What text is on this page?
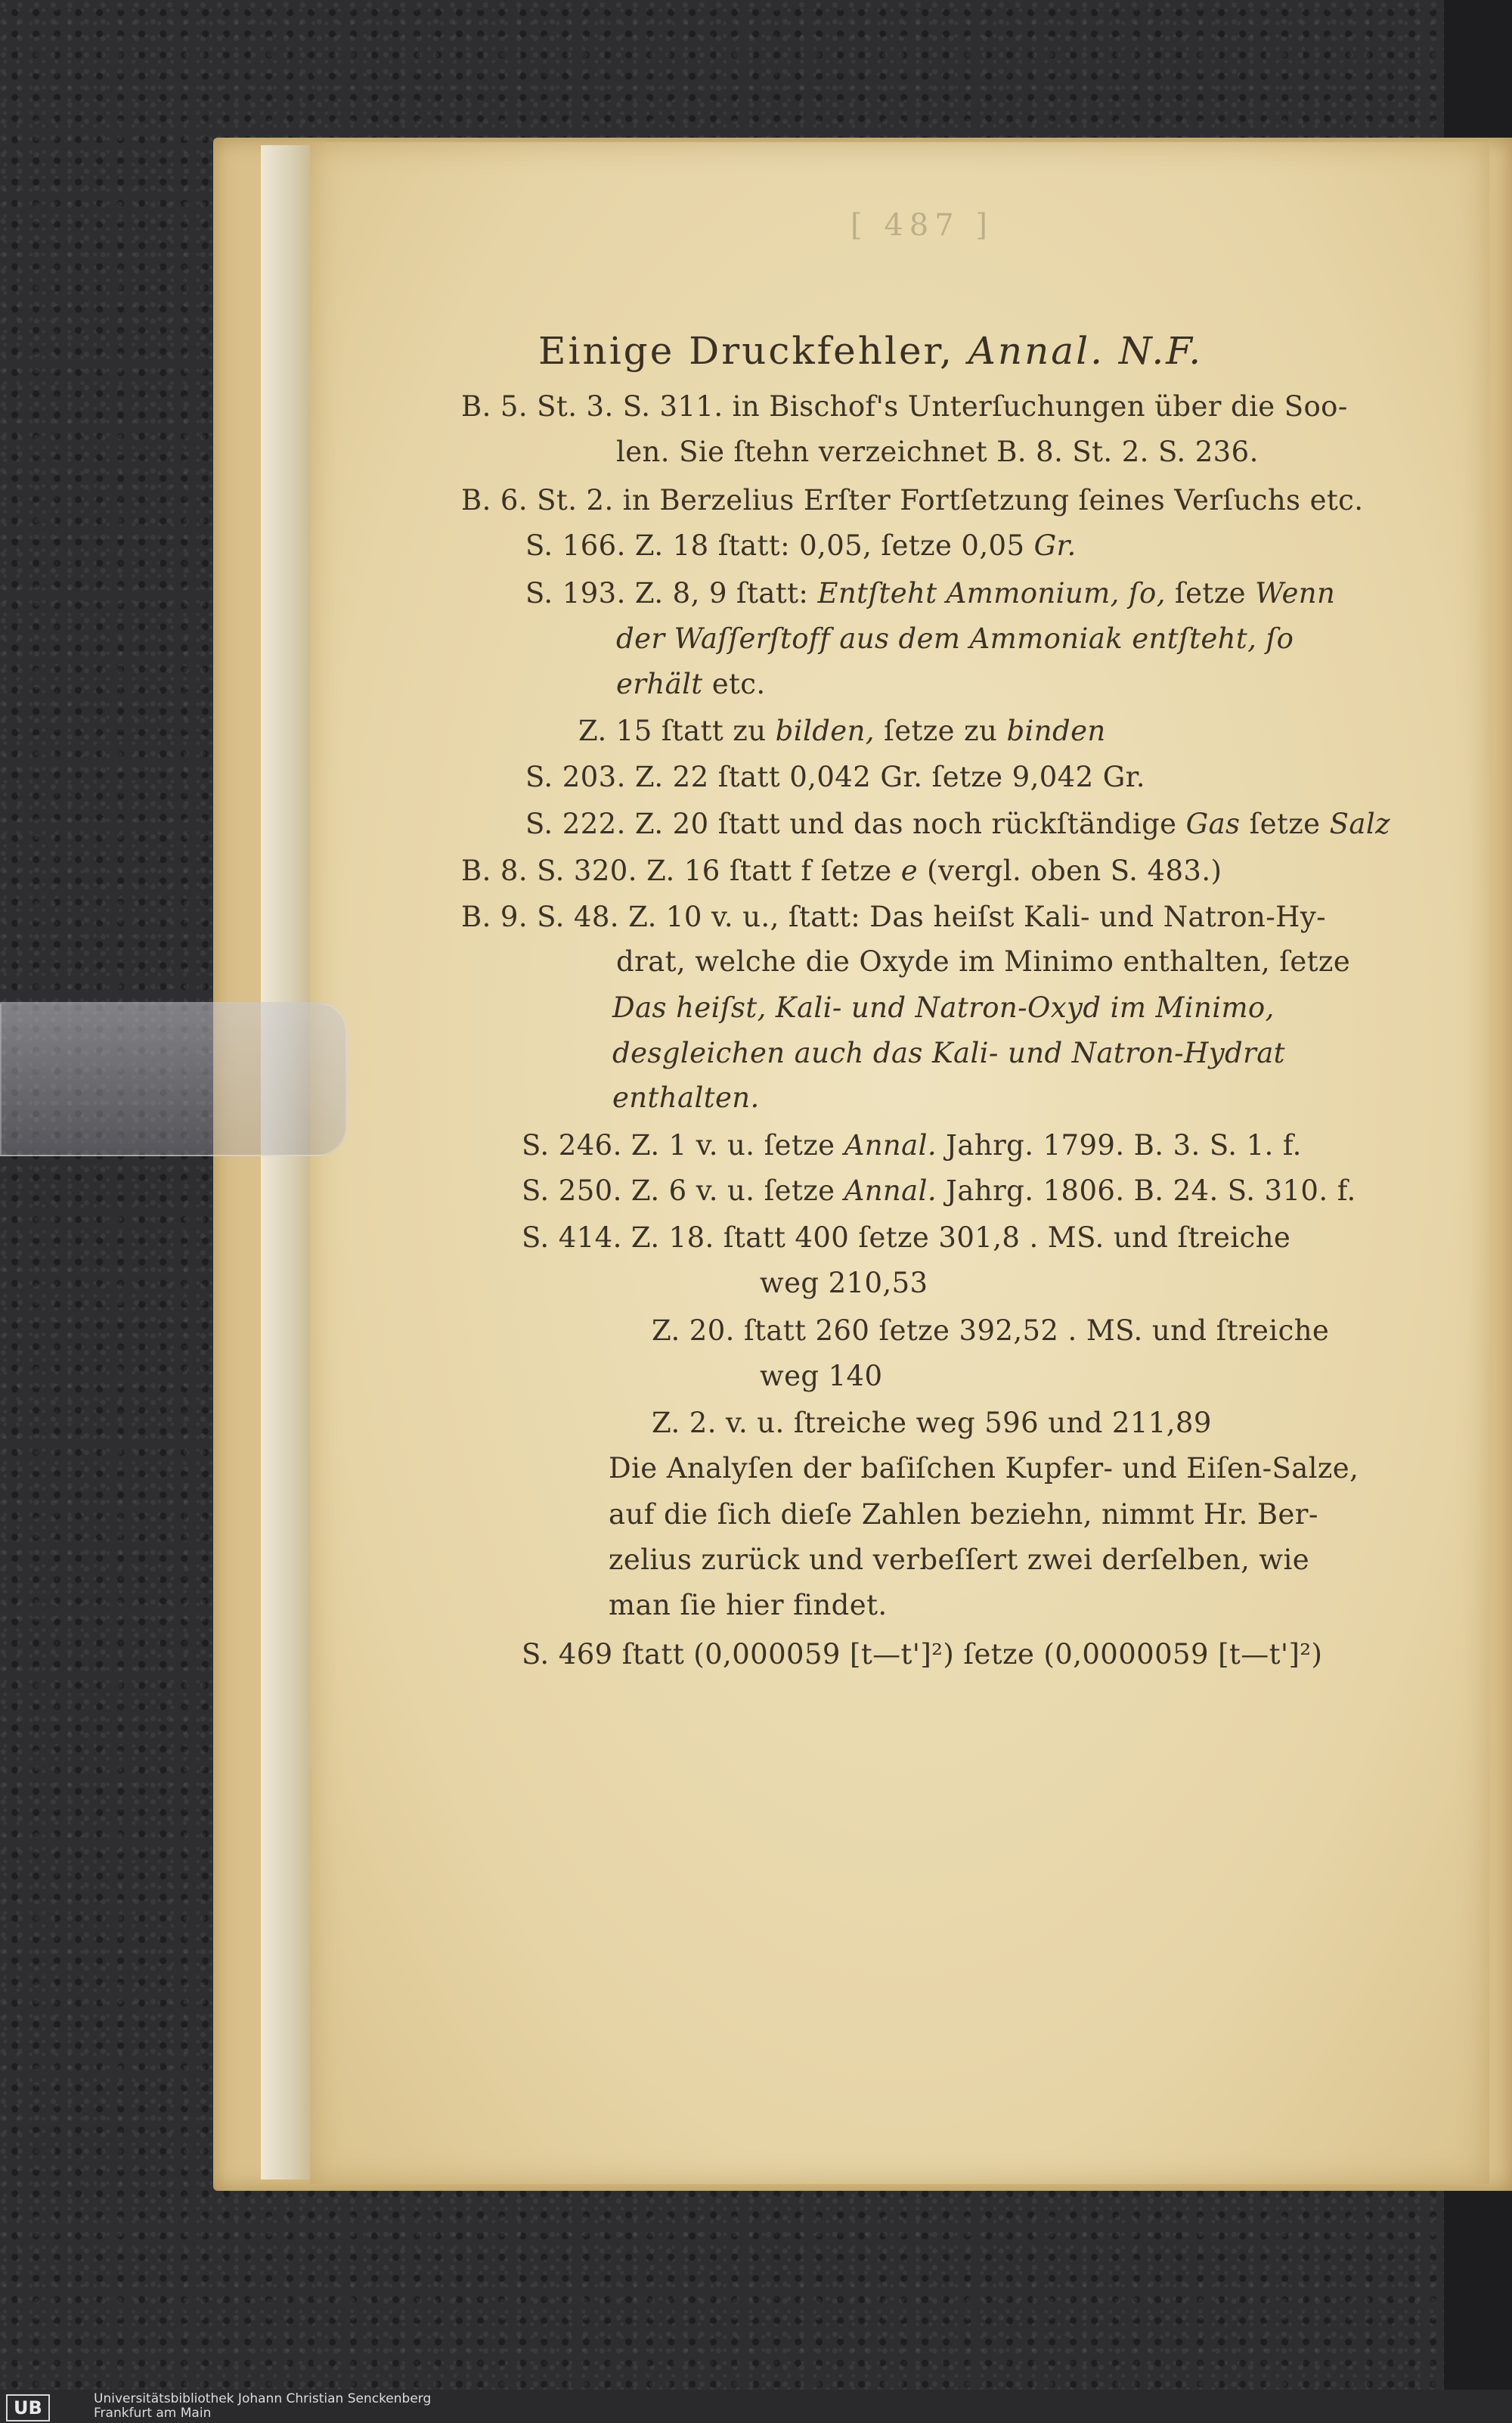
[ 487 ]
Einige Druckfehler, Annal. N.F.
B. 5. St. 3. S. 311. in Bischof's Unterſuchungen über die Soo-
len. Sie ſtehn verzeichnet B. 8. St. 2. S. 236.
B. 6. St. 2. in Berzelius Erſter Fortſetzung ſeines Verſuchs etc.
S. 166. Z. 18 ſtatt: 0,05, ſetze 0,05 Gr.
S. 193. Z. 8, 9 ſtatt: Entſteht Ammonium, ſo, ſetze Wenn
der Waſſerſtoff aus dem Ammoniak entſteht, ſo
erhält etc.
Z. 15 ſtatt zu bilden, ſetze zu binden
S. 203. Z. 22 ſtatt 0,042 Gr. ſetze 9,042 Gr.
S. 222. Z. 20 ſtatt und das noch rückſtändige Gas ſetze Salz
B. 8. S. 320. Z. 16 ſtatt f ſetze e (vergl. oben S. 483.)
B. 9. S. 48. Z. 10 v. u., ſtatt: Das heiſst Kali- und Natron-Hy-
drat, welche die Oxyde im Minimo enthalten, ſetze
Das heiſst, Kali- und Natron-Oxyd im Minimo,
desgleichen auch das Kali- und Natron-Hydrat
enthalten.
S. 246. Z. 1 v. u. ſetze Annal. Jahrg. 1799. B. 3. S. 1. f.
S. 250. Z. 6 v. u. ſetze Annal. Jahrg. 1806. B. 24. S. 310. f.
S. 414. Z. 18. ſtatt 400 ſetze 301,8 . MS. und ſtreiche
weg 210,53
Z. 20. ſtatt 260 ſetze 392,52 . MS. und ſtreiche
weg 140
Z. 2. v. u. ſtreiche weg 596 und 211,89
Die Analyſen der baſiſchen Kupfer- und Eiſen-Salze,
auf die ſich dieſe Zahlen beziehn, nimmt Hr. Ber-
zelius zurück und verbeſſert zwei derſelben, wie
man ſie hier findet.
S. 469 ſtatt (0,000059 [t—t']²) ſetze (0,0000059 [t—t']²)
UB	Universitätsbibliothek Johann Christian Senckenberg
Frankfurt am Main
